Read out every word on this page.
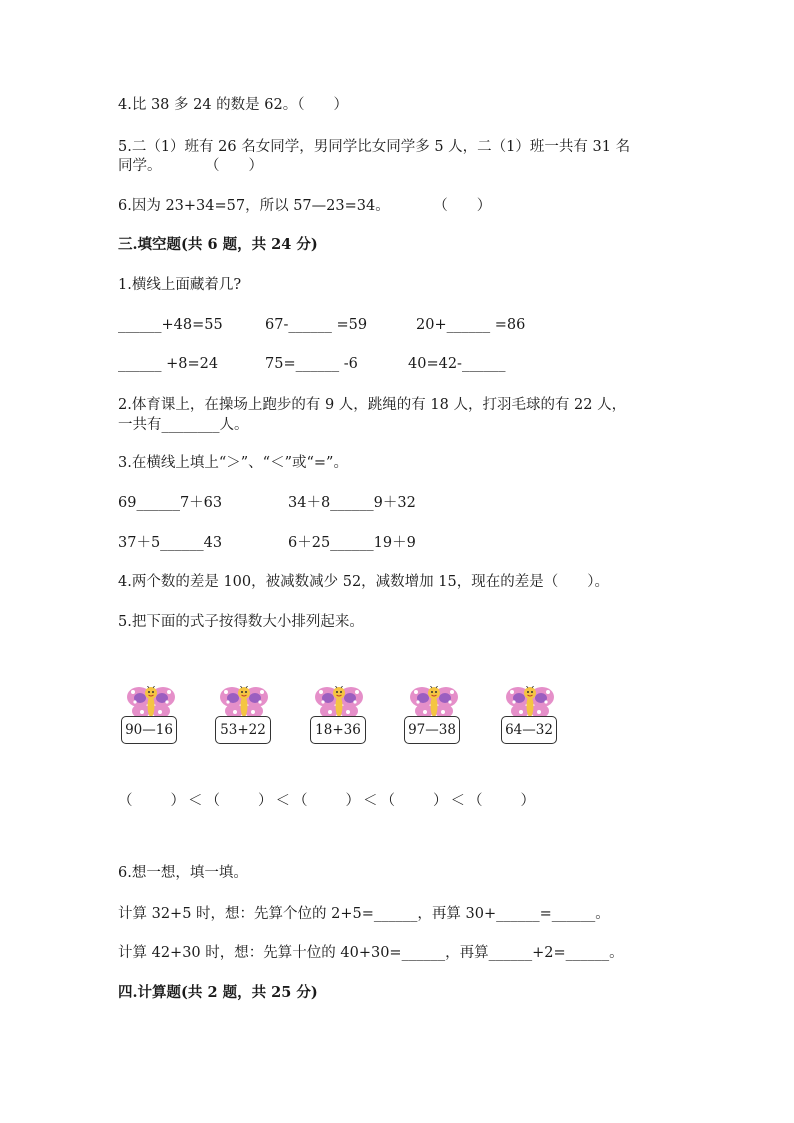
4.比 38 多 24 的数是 62。（　　）
5.二（1）班有 26 名女同学，男同学比女同学多 5 人，二（1）班一共有 31 名
同学。　　　　（　　）
6.因为 23+34=57，所以 57—23=34。　　　　（　　）
三.填空题(共 6 题，共 24 分)
1.横线上面藏着几?
______+48=55	67-______ =59	20+______ =86
______ +8=24	75=______ -6	40=42-______
2.体育课上，在操场上跑步的有 9 人，跳绳的有 18 人，打羽毛球的有 22 人，
一共有________人。
3.在横线上填上“＞”、“＜”或“=”。
69______7＋63	34＋8______9＋32
37＋5______43	6＋25______19＋9
4.两个数的差是 100，被减数减少 52，减数增加 15，现在的差是（　　）。
5.把下面的式子按得数大小排列起来。
90—16	53+22	18+36	97—38	64—32
（　　）＜（　　）＜（　　）＜（　　）＜（　　）
6.想一想，填一填。
计算 32+5 时，想：先算个位的 2+5=______，再算 30+______=______。
计算 42+30 时，想：先算十位的 40+30=______，再算______+2=______。
四.计算题(共 2 题，共 25 分)
